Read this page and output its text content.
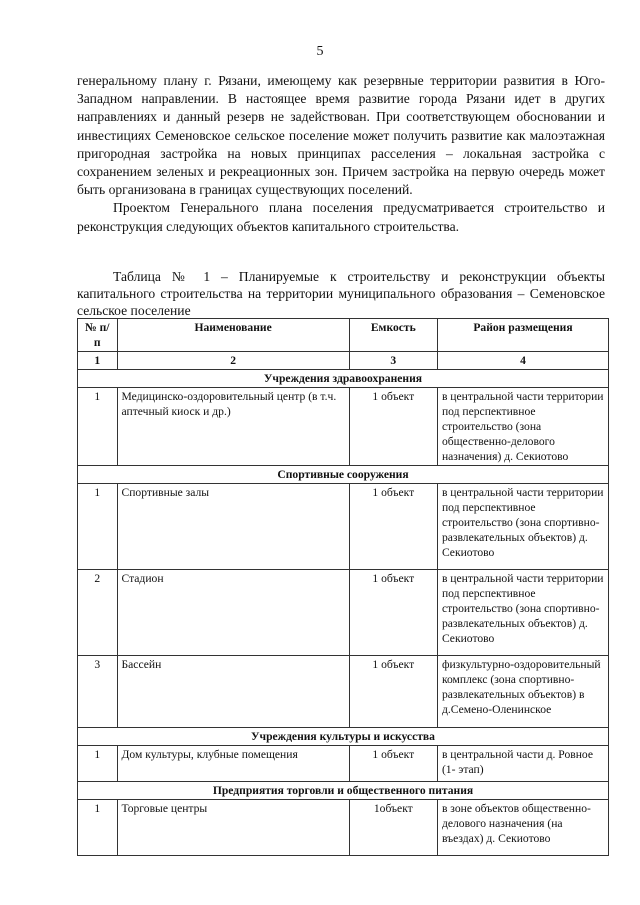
5

генеральному плану г. Рязани, имеющему как резервные территории развития в Юго-Западном направлении. В настоящее время развитие города Рязани идет в других направлениях и данный резерв не задействован. При соответствующем обосновании и инвестициях Семеновское сельское поселение может получить развитие как малоэтажная пригородная застройка на новых принципах расселения – локальная застройка с сохранением зеленых и рекреационных зон. Причем застройка на первую очередь может быть организована в границах существующих поселений.

Проектом Генерального плана поселения предусматривается строительство и реконструкция следующих объектов капитального строительства.

Таблица № 1 – Планируемые к строительству и реконструкции объекты капитального строительства на территории муниципального образования – Семеновское сельское поселение

№ п/п	Наименование	Емкость	Район размещения
1	2	3	4
Учреждения здравоохранения			
1	Медицинско-оздоровительный центр (в т.ч. аптечный киоск и др.)	1 объект	в центральной части территории под перспективное строительство (зона общественно-делового назначения) д. Секиотово
Спортивные сооружения			
1	Спортивные залы	1 объект	в центральной части территории под перспективное строительство (зона спортивно-развлекательных объектов) д. Секиотово
2	Стадион	1 объект	в центральной части территории под перспективное строительство (зона спортивно-развлекательных объектов) д. Секиотово
3	Бассейн	1 объект	физкультурно-оздоровительный комплекс (зона спортивно-развлекательных объектов) в д.Семено-Оленинское
Учреждения культуры и искусства			
1	Дом культуры, клубные помещения	1 объект	в центральной части д. Ровное (1- этап)
Предприятия торговли и общественного питания			
1	Торговые центры	1объект	в зоне объектов общественно-делового назначения (на въездах) д. Секиотово
